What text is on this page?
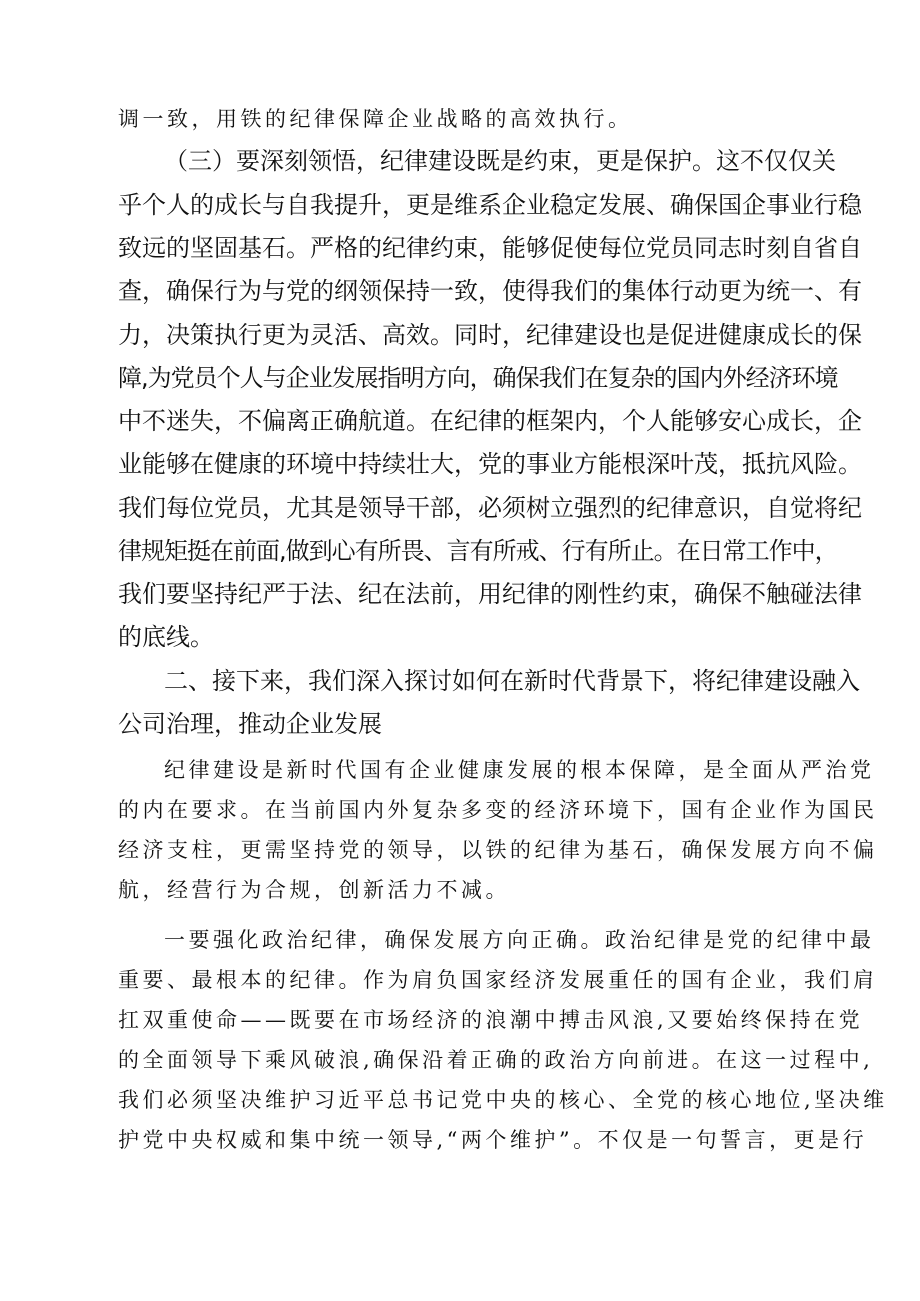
调一致，用铁的纪律保障企业战略的高效执行。
（三）要深刻领悟，纪律建设既是约束，更是保护。这不仅仅关
乎个人的成长与自我提升，更是维系企业稳定发展、确保国企事业行稳
致远的坚固基石。严格的纪律约束，能够促使每位党员同志时刻自省自
查，确保行为与党的纲领保持一致，使得我们的集体行动更为统一、有
力，决策执行更为灵活、高效。同时，纪律建设也是促进健康成长的保
障,为党员个人与企业发展指明方向，确保我们在复杂的国内外经济环境
中不迷失，不偏离正确航道。在纪律的框架内，个人能够安心成长，企
业能够在健康的环境中持续壮大，党的事业方能根深叶茂，抵抗风险。
我们每位党员，尤其是领导干部，必须树立强烈的纪律意识，自觉将纪
律规矩挺在前面,做到心有所畏、言有所戒、行有所止。在日常工作中，
我们要坚持纪严于法、纪在法前，用纪律的刚性约束，确保不触碰法律
的底线。
二、接下来，我们深入探讨如何在新时代背景下，将纪律建设融入
公司治理，推动企业发展
纪律建设是新时代国有企业健康发展的根本保障，是全面从严治党
的内在要求。在当前国内外复杂多变的经济环境下，国有企业作为国民
经济支柱，更需坚持党的领导，以铁的纪律为基石，确保发展方向不偏
航，经营行为合规，创新活力不减。
一要强化政治纪律，确保发展方向正确。政治纪律是党的纪律中最
重要、最根本的纪律。作为肩负国家经济发展重任的国有企业，我们肩
扛双重使命——既要在市场经济的浪潮中搏击风浪,又要始终保持在党
的全面领导下乘风破浪,确保沿着正确的政治方向前进。在这一过程中,
我们必须坚决维护习近平总书记党中央的核心、全党的核心地位,坚决维
护党中央权威和集中统一领导,“两个维护”。不仅是一句誓言，更是行
